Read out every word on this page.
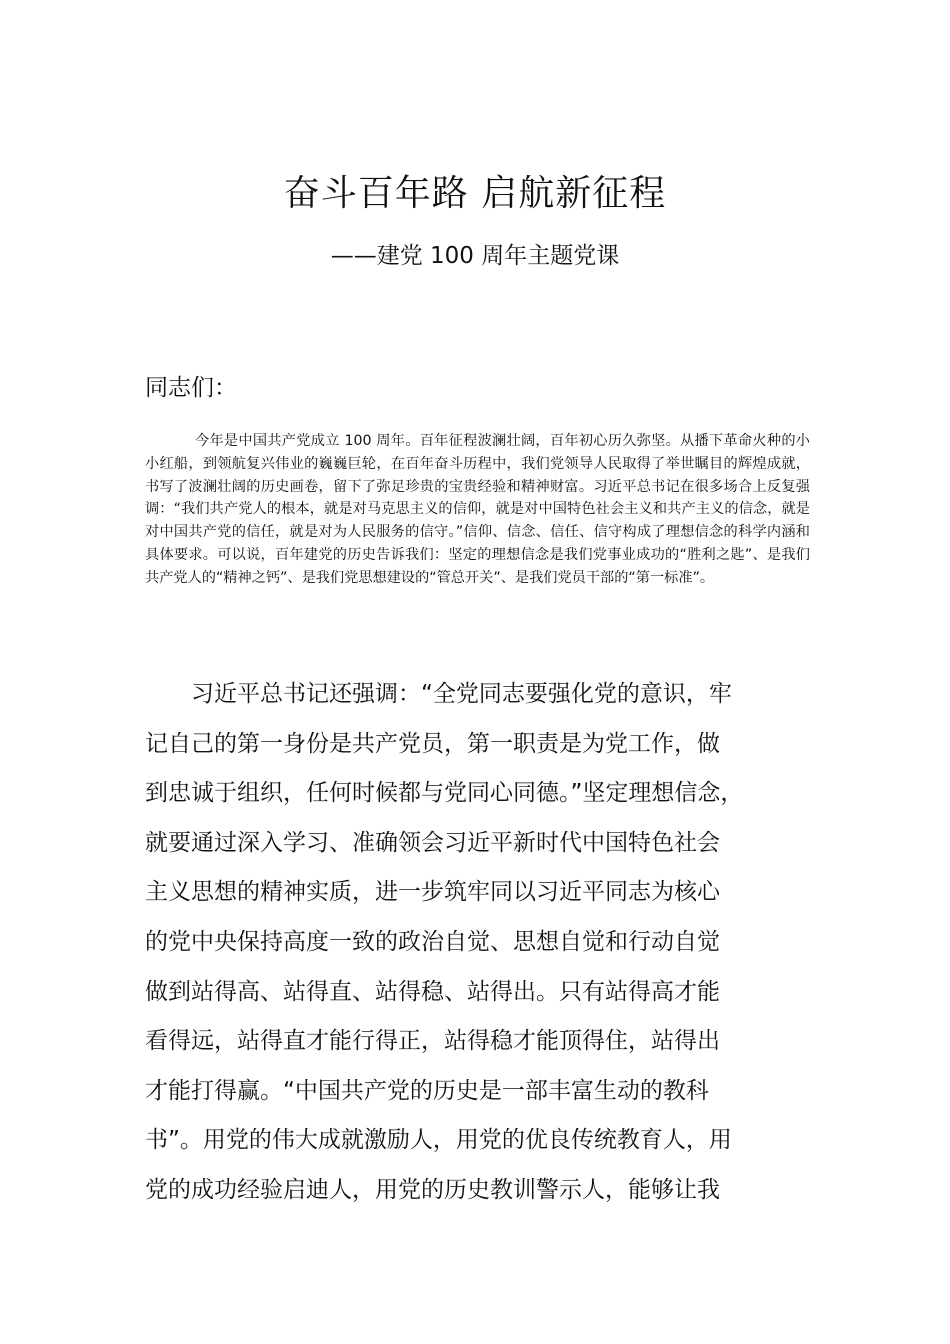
奋斗百年路 启航新征程
——建党 100 周年主题党课
同志们：

今年是中国共产党成立 100 周年。百年征程波澜壮阔，百年初心历久弥坚。从播下革命火种的小小红船，到领航复兴伟业的巍巍巨轮，在百年奋斗历程中，我们党领导人民取得了举世瞩目的辉煌成就，书写了波澜壮阔的历史画卷，留下了弥足珍贵的宝贵经验和精神财富。习近平总书记在很多场合上反复强调：“我们共产党人的根本，就是对马克思主义的信仰，就是对中国特色社会主义和共产主义的信念，就是对中国共产党的信任，就是对为人民服务的信守。”信仰、信念、信任、信守构成了理想信念的科学内涵和具体要求。可以说，百年建党的历史告诉我们：坚定的理想信念是我们党事业成功的“胜利之匙”、是我们共产党人的“精神之钙”、是我们党思想建设的“管总开关”、是我们党员干部的“第一标准”。

　　习近平总书记还强调：“全党同志要强化党的意识，牢
记自己的第一身份是共产党员，第一职责是为党工作，做
到忠诚于组织，任何时候都与党同心同德。”坚定理想信念，
就要通过深入学习、准确领会习近平新时代中国特色社会
主义思想的精神实质，进一步筑牢同以习近平同志为核心
的党中央保持高度一致的政治自觉、思想自觉和行动自觉
做到站得高、站得直、站得稳、站得出。只有站得高才能
看得远，站得直才能行得正，站得稳才能顶得住，站得出
才能打得赢。“中国共产党的历史是一部丰富生动的教科
书”。用党的伟大成就激励人，用党的优良传统教育人，用
党的成功经验启迪人，用党的历史教训警示人，能够让我
